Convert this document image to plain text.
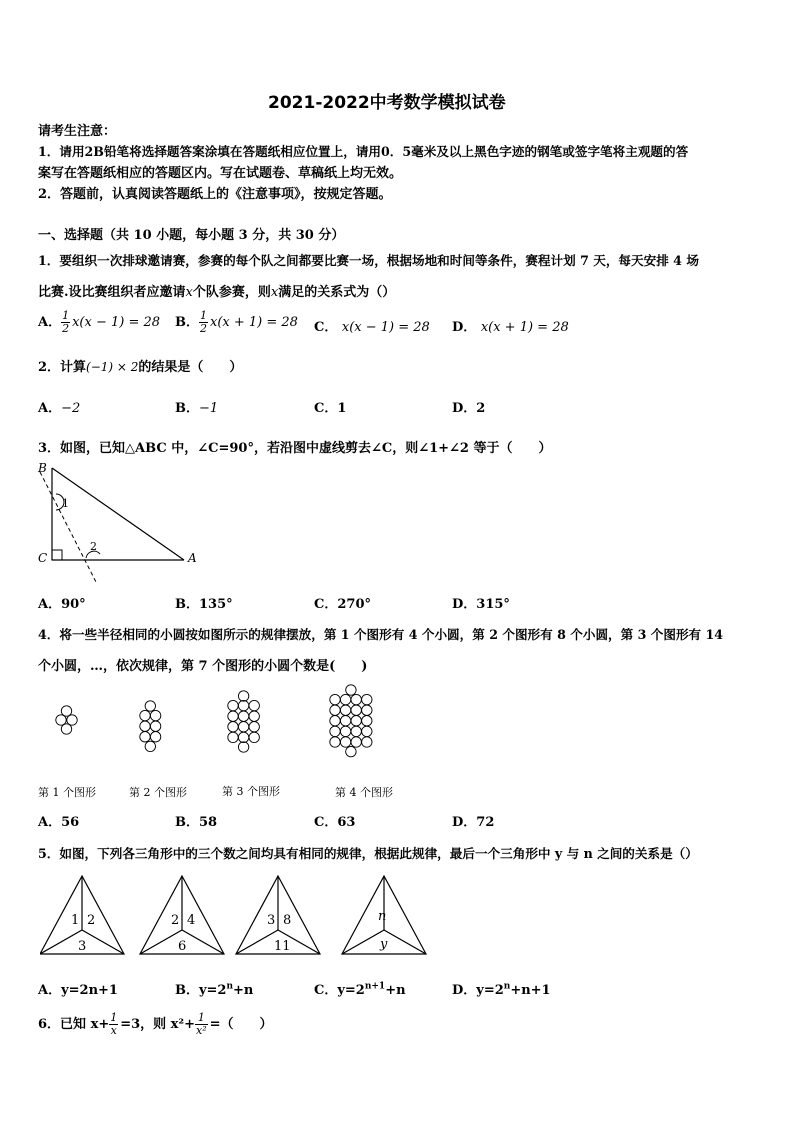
2021-2022中考数学模拟试卷
请考生注意：
1．请用2B铅笔将选择题答案涂填在答题纸相应位置上，请用0．5毫米及以上黑色字迹的钢笔或签字笔将主观题的答
案写在答题纸相应的答题区内。写在试题卷、草稿纸上均无效。
2．答题前，认真阅读答题纸上的《注意事项》，按规定答题。
一、选择题（共 10 小题，每小题 3 分，共 30 分）
1．要组织一次排球邀请赛，参赛的每个队之间都要比赛一场，根据场地和时间等条件，赛程计划 7 天，每天安排 4 场
比赛.设比赛组织者应邀请x个队参赛，则x满足的关系式为（）
A． $\frac{1}{2} x(x - 1) = 28$ B． $\frac{1}{2} x(x + 1) = 28$ C． x(x − 1) = 28 D． x(x + 1) = 28
2．计算(−1) × 2的结果是（　　）
A．−2	B．−1	C．1	D．2
3．如图，已知△ABC 中，∠C=90°，若沿图中虚线剪去∠C，则∠1+∠2 等于（　　）
B
C	A
1
2
A．90°	B．135°	C．270°	D．315°
4．将一些半径相同的小圆按如图所示的规律摆放，第 1 个图形有 4 个小圆，第 2 个图形有 8 个小圆，第 3 个图形有 14
个小圆，…，依次规律，第 7 个图形的小圆个数是(　　)
第 1 个图形	第 2 个图形	第 3 个图形	第 4 个图形
A．56	B．58	C．63	D．72
5．如图，下列各三角形中的三个数之间均具有相同的规律，根据此规律，最后一个三角形中 y 与 n 之间的关系是（）
1 2
3
2 4
6
3 8
11
n
y
A．y=2n+1	B．$y=2^n+n$	C．$y=2^{n+1}+n$	D．$y=2^n+n+1$
6．已知 $x+ \frac{1}{x} =3$，则 $x^2+ \frac{1}{\text{x²}}$ =（　　）
